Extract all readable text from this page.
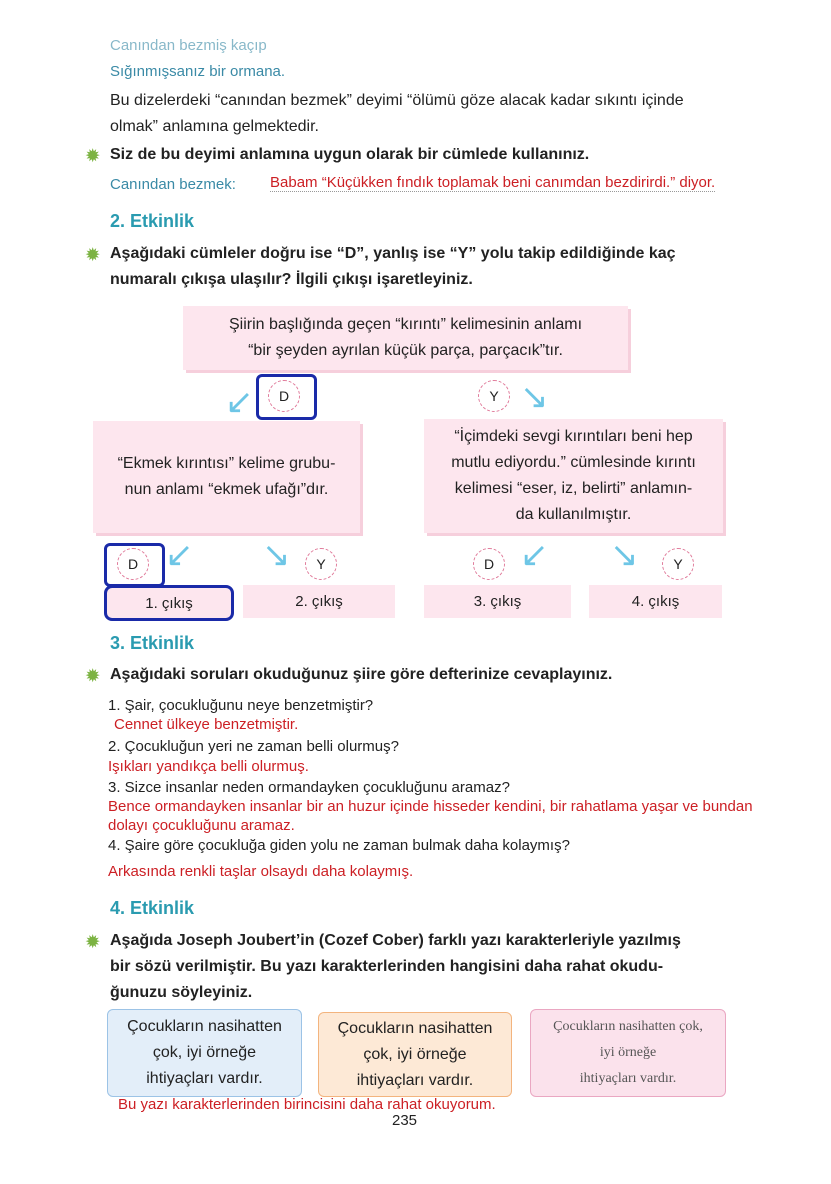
Canından bezmiş kaçıp
Sığınmışsanız bir ormana.
Bu dizelerdeki “canından bezmek” deyimi “ölümü göze alacak kadar sıkıntı içinde
olmak” anlamına gelmektedir.
✹ Siz de bu deyimi anlamına uygun olarak bir cümlede kullanınız.
Canından bezmek: Babam “Küçükken fındık toplamak beni canımdan bezdirirdi.” diyor.
2. Etkinlik
✹ Aşağıdaki cümleler doğru ise “D”, yanlış ise “Y” yolu takip edildiğinde kaç
numaralı çıkışa ulaşılır? İlgili çıkışı işaretleyiniz.
Şiirin başlığında geçen “kırıntı” kelimesinin anlamı
“bir şeyden ayrılan küçük parça, parçacık”tır.
↙	D	Y ↘
“Ekmek kırıntısı” kelime grubu-
nun anlamı “ekmek ufağı”dır.
“İçimdeki sevgi kırıntıları beni hep
mutlu ediyordu.” cümlesinde kırıntı
kelimesi “eser, iz, belirti” anlamın-
da kullanılmıştır.
D ↙ ↘	Y	D ↙ ↘	Y
1. çıkış	2. çıkış	3. çıkış	4. çıkış
3. Etkinlik
✹ Aşağıdaki soruları okuduğunuz şiire göre defterinize cevaplayınız.
1. Şair, çocukluğunu neye benzetmiştir?
Cennet ülkeye benzetmiştir.
2. Çocukluğun yeri ne zaman belli olurmuş?
Işıkları yandıkça belli olurmuş.
3. Sizce insanlar neden ormandayken çocukluğunu aramaz?
Bence ormandayken insanlar bir an huzur içinde hisseder kendini, bir rahatlama yaşar ve bundan
dolayı çocukluğunu aramaz.
4. Şaire göre çocukluğa giden yolu ne zaman bulmak daha kolaymış?
Arkasında renkli taşlar olsaydı daha kolaymış.
4. Etkinlik
✹ Aşağıda Joseph Joubert’in (Cozef Cober) farklı yazı karakterleriyle yazılmış
bir sözü verilmiştir. Bu yazı karakterlerinden hangisini daha rahat okudu-
ğunuzu söyleyiniz.
Çocukların nasihatten
çok, iyi örneğe
ihtiyaçları vardır.
Çocukların nasihatten
çok, iyi örneğe
ihtiyaçları vardır.
Çocukların nasihatten çok,
iyi örneğe
ihtiyaçları vardır.
Bu yazı karakterlerinden birincisini daha rahat okuyorum.
235
